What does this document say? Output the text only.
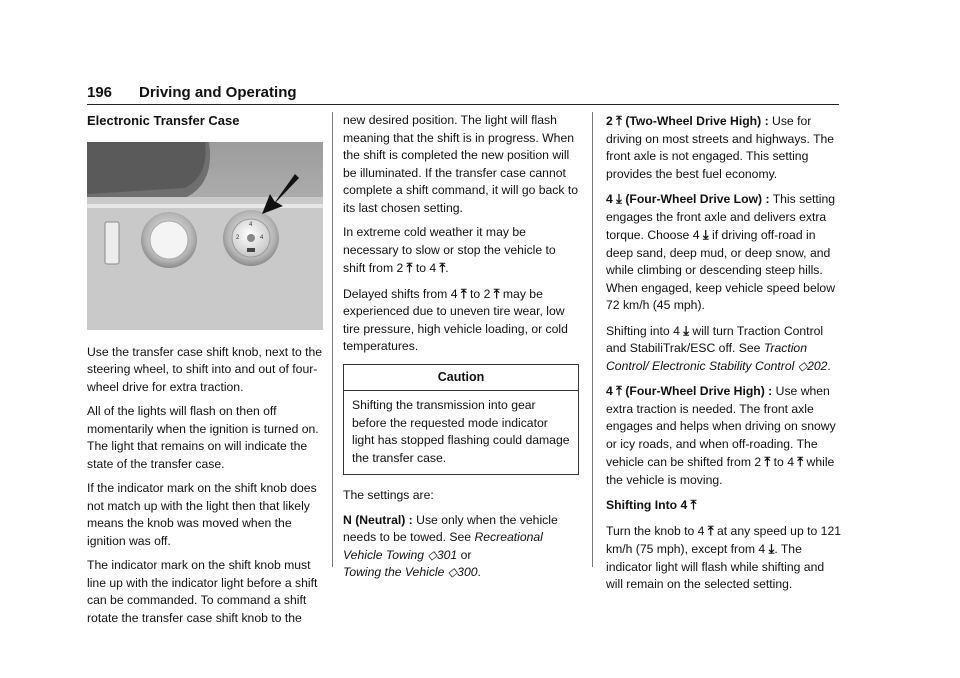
196 Driving and Operating
Electronic Transfer Case
2
4
4

Use the transfer case shift knob, next to the steering wheel, to shift into and out of four-wheel drive for extra traction.

All of the lights will flash on then off momentarily when the ignition is turned on. The light that remains on will indicate the state of the transfer case.

If the indicator mark on the shift knob does not match up with the light then that likely means the knob was moved when the ignition was off.

The indicator mark on the shift knob must line up with the indicator light before a shift can be commanded. To command a shift rotate the transfer case shift knob to the

new desired position. The light will flash meaning that the shift is in progress. When the shift is completed the new position will be illuminated. If the transfer case cannot complete a shift command, it will go back to its last chosen setting.

In extreme cold weather it may be necessary to slow or stop the vehicle to shift from 2 ⤒ to 4 ⤒.

Delayed shifts from 4 ⤒ to 2 ⤒ may be experienced due to uneven tire wear, low tire pressure, high vehicle loading, or cold temperatures.

Caution
Shifting the transmission into gear before the requested mode indicator light has stopped flashing could damage the transfer case.

The settings are:

N (Neutral) : Use only when the vehicle needs to be towed. See Recreational Vehicle Towing ◇301 or
Towing the Vehicle ◇300.

2 ⤒ (Two-Wheel Drive High) : Use for driving on most streets and highways. The front axle is not engaged. This setting provides the best fuel economy.

4 ⤓ (Four-Wheel Drive Low) : This setting engages the front axle and delivers extra torque. Choose 4 ⤓ if driving off-road in deep sand, deep mud, or deep snow, and while climbing or descending steep hills. When engaged, keep vehicle speed below 72 km/h (45 mph).

Shifting into 4 ⤓ will turn Traction Control and StabiliTrak/ESC off. See Traction Control/ Electronic Stability Control ◇202.

4 ⤒ (Four-Wheel Drive High) : Use when extra traction is needed. The front axle engages and helps when driving on snowy or icy roads, and when off-roading. The vehicle can be shifted from 2 ⤒ to 4 ⤒ while the vehicle is moving.

Shifting Into 4 ⤒

Turn the knob to 4 ⤒ at any speed up to 121 km/h (75 mph), except from 4 ⤓. The indicator light will flash while shifting and will remain on the selected setting.
